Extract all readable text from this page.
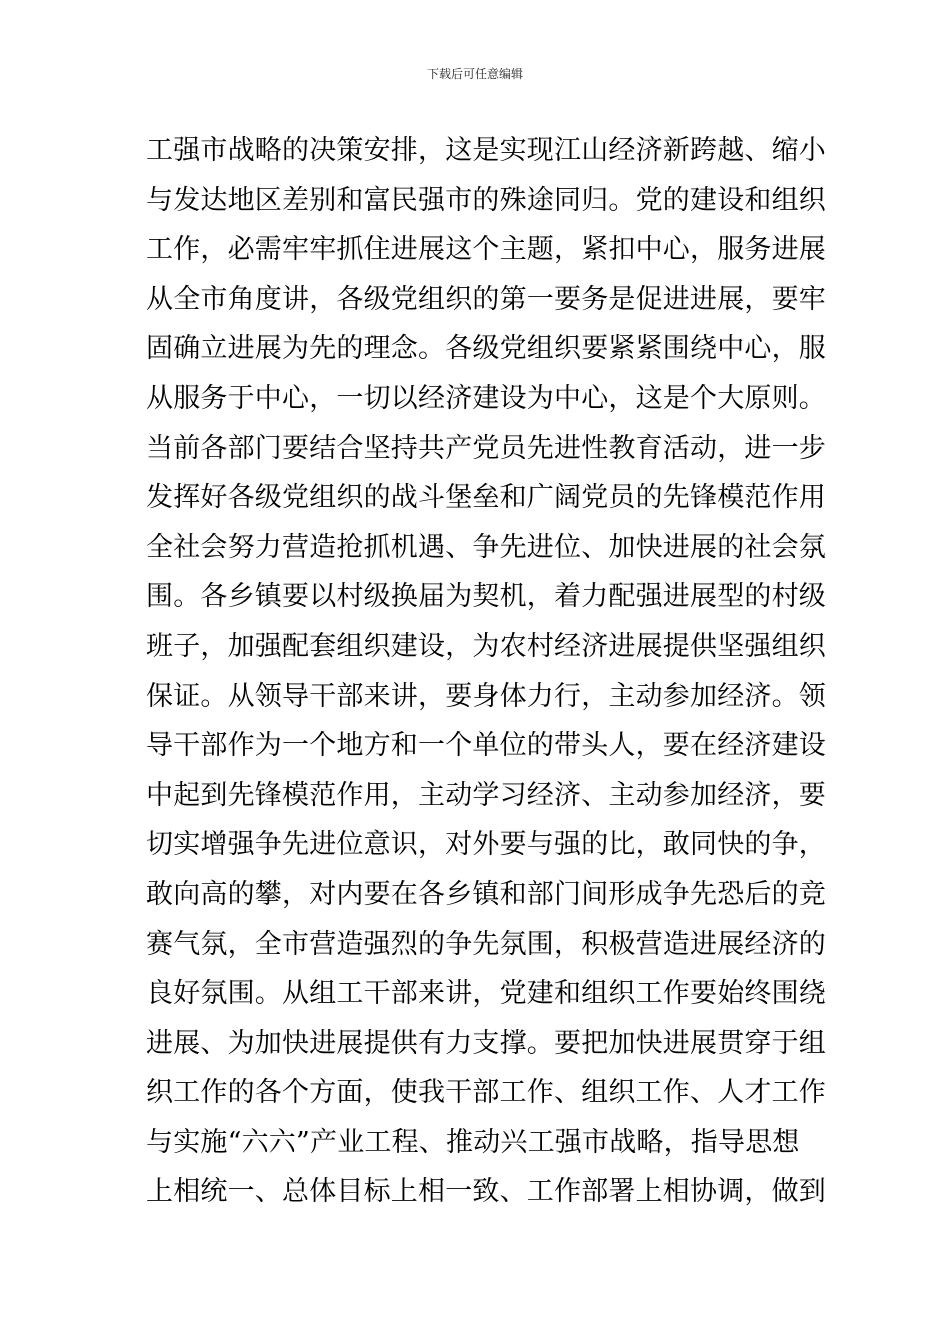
下载后可任意编辑
工强市战略的决策安排，这是实现江山经济新跨越、缩小
与发达地区差别和富民强市的殊途同归。党的建设和组织
工作，必需牢牢抓住进展这个主题，紧扣中心，服务进展
从全市角度讲，各级党组织的第一要务是促进进展，要牢
固确立进展为先的理念。各级党组织要紧紧围绕中心，服
从服务于中心，一切以经济建设为中心，这是个大原则。
当前各部门要结合坚持共产党员先进性教育活动，进一步
发挥好各级党组织的战斗堡垒和广阔党员的先锋模范作用
全社会努力营造抢抓机遇、争先进位、加快进展的社会氛
围。各乡镇要以村级换届为契机，着力配强进展型的村级
班子，加强配套组织建设，为农村经济进展提供坚强组织
保证。从领导干部来讲，要身体力行，主动参加经济。领
导干部作为一个地方和一个单位的带头人，要在经济建设
中起到先锋模范作用，主动学习经济、主动参加经济，要
切实增强争先进位意识，对外要与强的比，敢同快的争，
敢向高的攀，对内要在各乡镇和部门间形成争先恐后的竞
赛气氛，全市营造强烈的争先氛围，积极营造进展经济的
良好氛围。从组工干部来讲，党建和组织工作要始终围绕
进展、为加快进展提供有力支撑。要把加快进展贯穿于组
织工作的各个方面，使我干部工作、组织工作、人才工作
与实施“六六”产业工程、推动兴工强市战略，指导思想
上相统一、总体目标上相一致、工作部署上相协调，做到
